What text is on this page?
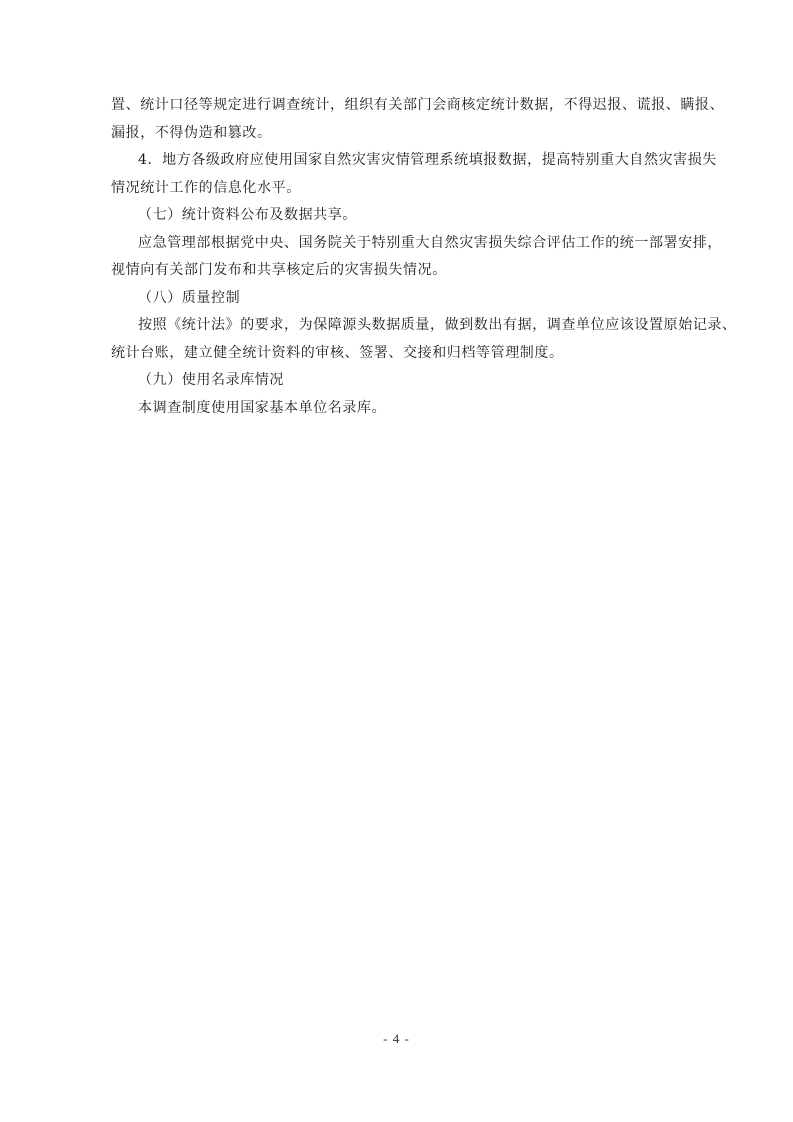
置、统计口径等规定进行调查统计，组织有关部门会商核定统计数据，不得迟报、谎报、瞒报、
漏报，不得伪造和篡改。
4．地方各级政府应使用国家自然灾害灾情管理系统填报数据，提高特别重大自然灾害损失
情况统计工作的信息化水平。
（七）统计资料公布及数据共享。
应急管理部根据党中央、国务院关于特别重大自然灾害损失综合评估工作的统一部署安排，
视情向有关部门发布和共享核定后的灾害损失情况。
（八）质量控制
按照《统计法》的要求，为保障源头数据质量，做到数出有据，调查单位应该设置原始记录、
统计台账，建立健全统计资料的审核、签署、交接和归档等管理制度。
（九）使用名录库情况
本调查制度使用国家基本单位名录库。
- 4 -
